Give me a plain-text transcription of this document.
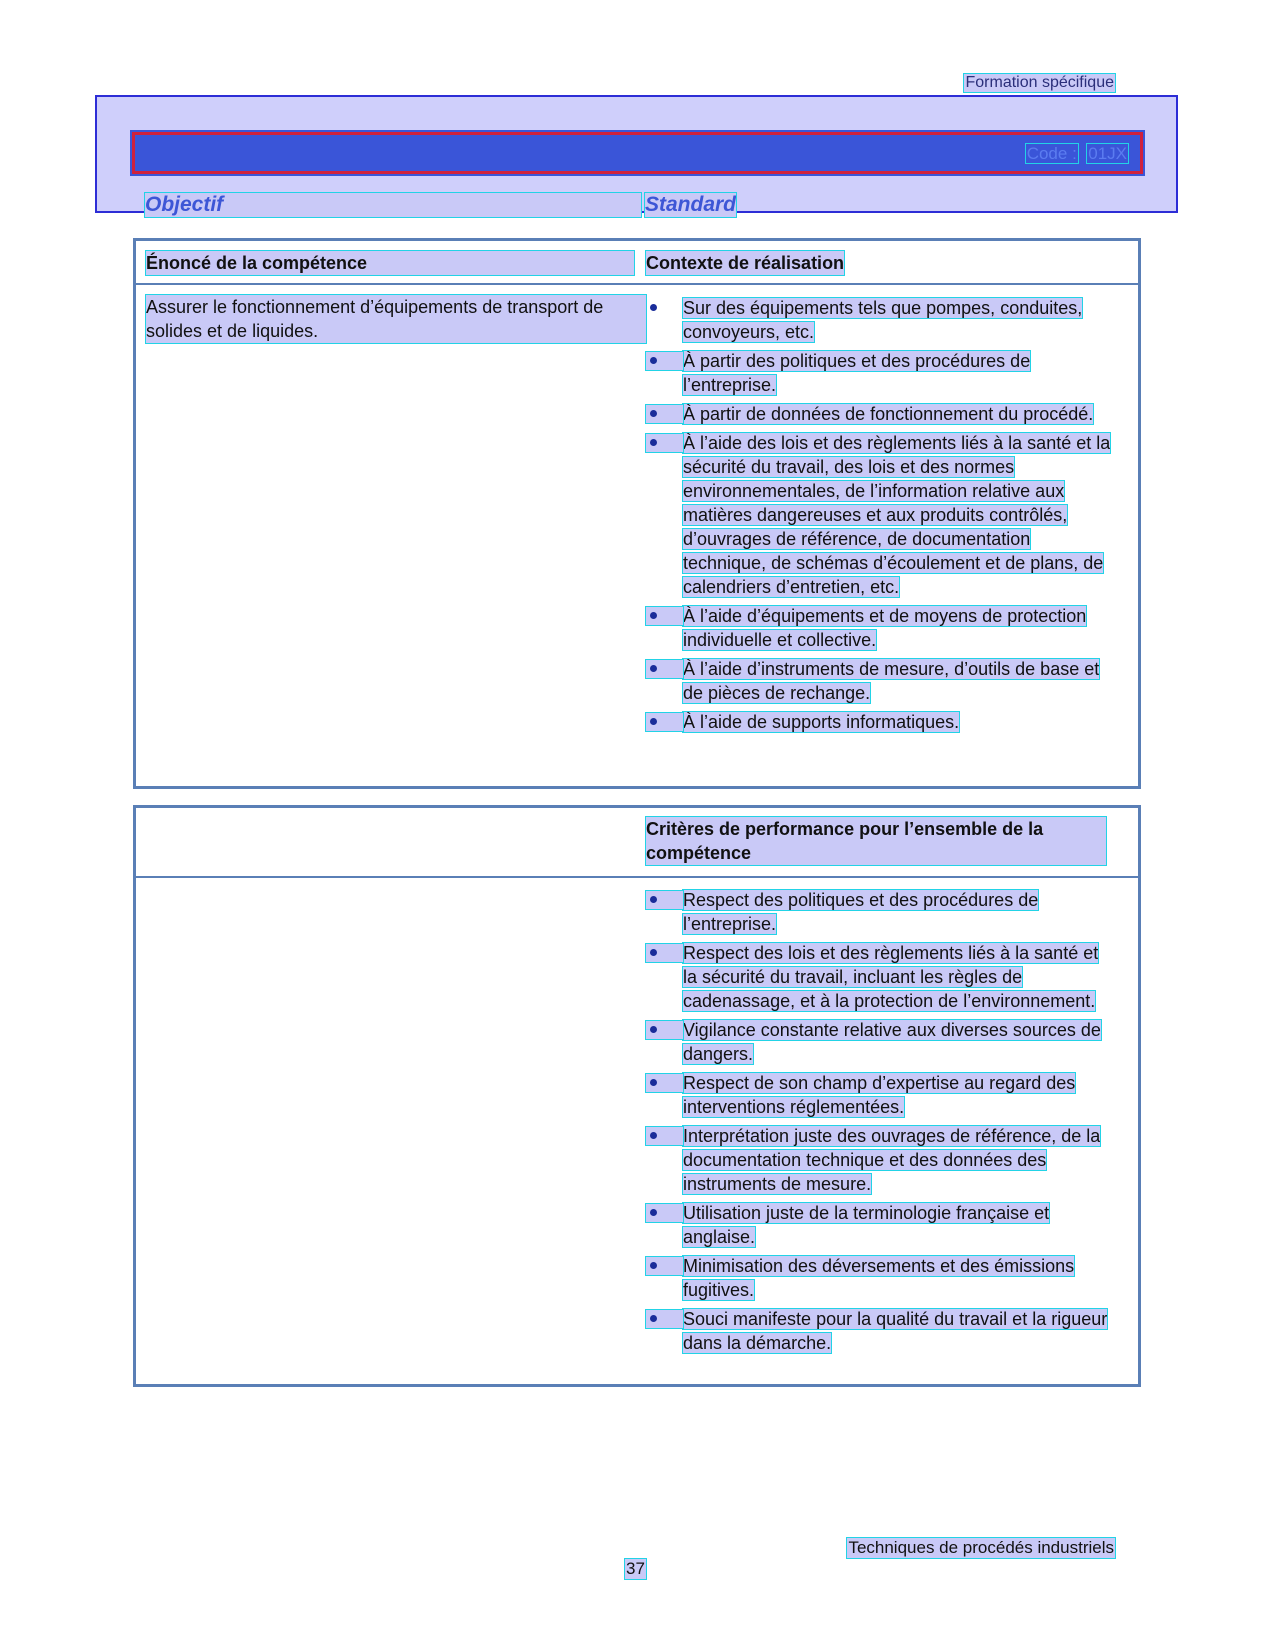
Formation spécifique
Code : 01JX
Objectif	Standard
Énoncé de la compétence	Contexte de réalisation
Assurer le fonctionnement d’équipements de transport de solides et de liquides.
Sur des équipements tels que pompes, conduites, convoyeurs, etc.
À partir des politiques et des procédures de l’entreprise.
À partir de données de fonctionnement du procédé.
À l’aide des lois et des règlements liés à la santé et la sécurité du travail, des lois et des normes environnementales, de l’information relative aux matières dangereuses et aux produits contrôlés, d’ouvrages de référence, de documentation technique, de schémas d’écoulement et de plans, de calendriers d’entretien, etc.
À l’aide d’équipements et de moyens de protection individuelle et collective.
À l’aide d’instruments de mesure, d’outils de base et de pièces de rechange.
À l’aide de supports informatiques.
Critères de performance pour l’ensemble de la compétence
Respect des politiques et des procédures de l’entreprise.
Respect des lois et des règlements liés à la santé et la sécurité du travail, incluant les règles de cadenassage, et à la protection de l’environnement.
Vigilance constante relative aux diverses sources de dangers.
Respect de son champ d’expertise au regard des interventions réglementées.
Interprétation juste des ouvrages de référence, de la documentation technique et des données des instruments de mesure.
Utilisation juste de la terminologie française et anglaise.
Minimisation des déversements et des émissions fugitives.
Souci manifeste pour la qualité du travail et la rigueur dans la démarche.
Techniques de procédés industriels
37
